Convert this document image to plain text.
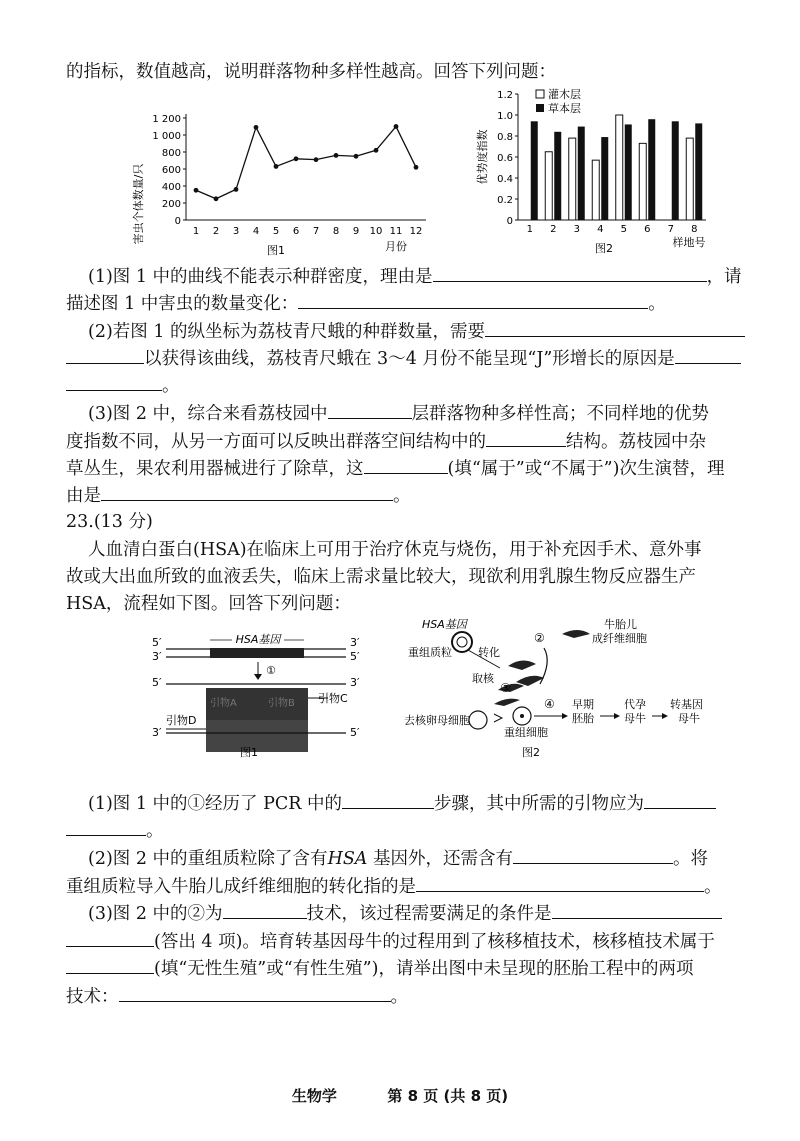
的指标，数值越高，说明群落物种多样性越高。回答下列问题：
0
200
400
600
800
1 000
1 200
1 2 3 4 5 6 7 8 9 10 11 12
害虫个体数量/只
月份
图1
0
0.2
0.4
0.6
0.8
1.0
1.2
1 2 3 4 5 6 7 8
优势度指数
样地号
图2
灌木层
草本层
(1)图 1 中的曲线不能表示种群密度，理由是	，请
描述图 1 中害虫的数量变化：	。
(2)若图 1 的纵坐标为荔枝青尺蛾的种群数量，需要
以获得该曲线，荔枝青尺蛾在 3～4 月份不能呈现“J”形增长的原因是
。
(3)图 2 中，综合来看荔枝园中	层群落物种多样性高；不同样地的优势
度指数不同，从另一方面可以反映出群落空间结构中的	结构。荔枝园中杂
草丛生，果农利用器械进行了除草，这	(填“属于”或“不属于”)次生演替，理
由是	。
23.(13 分)
人血清白蛋白(HSA)在临床上可用于治疗休克与烧伤，用于补充因手术、意外事
故或大出血所致的血液丢失，临床上需求量比较大，现欲利用乳腺生物反应器生产
HSA，流程如下图。回答下列问题：
5′
3′
3′
5′
HSA基因
①
5′	3′
引物A	引物B 引物C
引物D
3′	5′
图1
HSA基因
重组质粒 转化
②
牛胎儿
成纤维细胞
取核
③
去核卵母细胞
重组细胞
④ 早期
胚胎
代孕
母牛
转基因
母牛
图2
(1)图 1 中的①经历了 PCR 中的	步骤，其中所需的引物应为
。
(2)图 2 中的重组质粒除了含有HSA 基因外，还需含有	。将
重组质粒导入牛胎儿成纤维细胞的转化指的是	。
(3)图 2 中的②为	技术，该过程需要满足的条件是
(答出 4 项)。培育转基因母牛的过程用到了核移植技术，核移植技术属于
(填“无性生殖”或“有性生殖”)，请举出图中未呈现的胚胎工程中的两项
技术：	。
生物学	第 8 页 (共 8 页)
